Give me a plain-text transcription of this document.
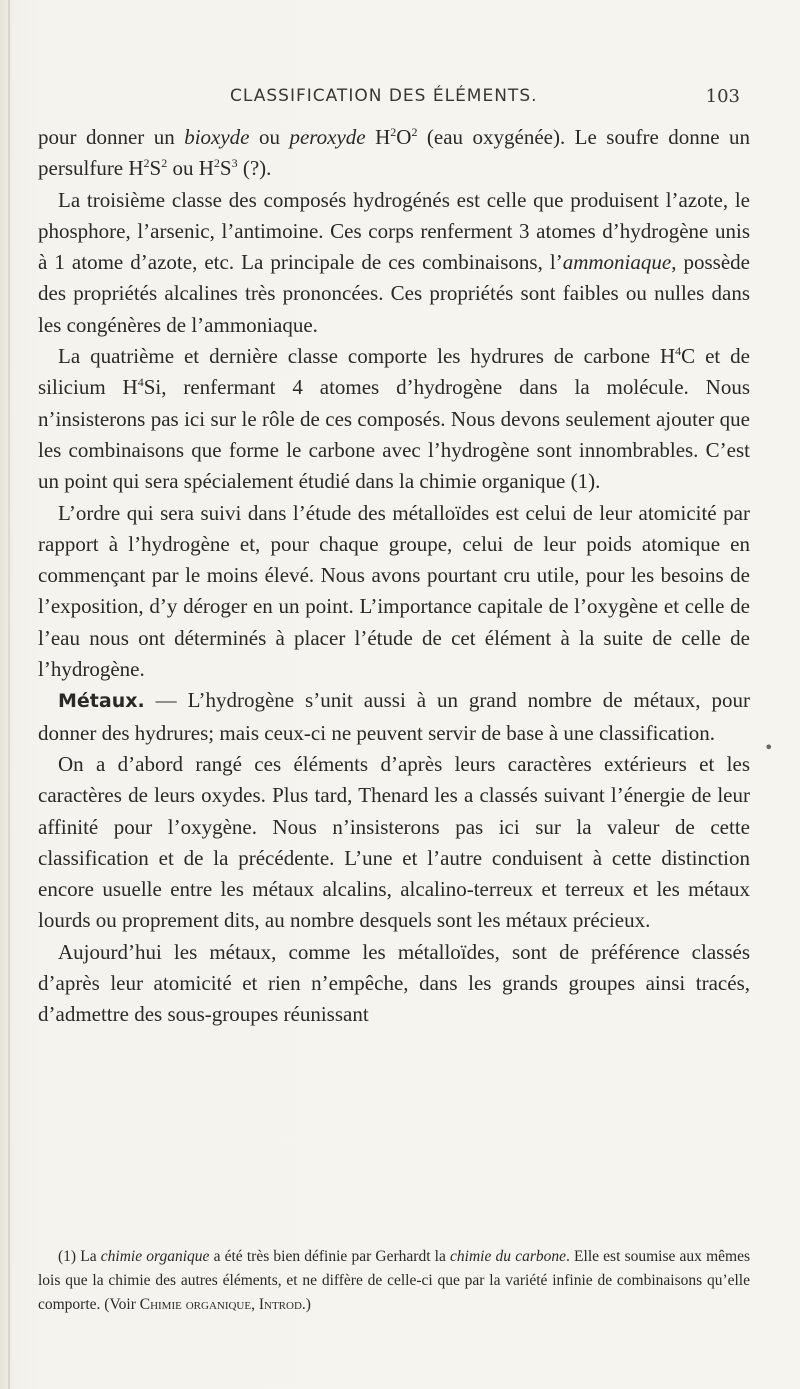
CLASSIFICATION DES ÉLÉMENTS.	103

pour donner un bioxyde ou peroxyde $H^2O^2$ (eau oxygénée). Le soufre donne un persulfure $H^2S^2$ ou $H^2S^3$ (?).

La troisième classe des composés hydrogénés est celle que produisent l’azote, le phosphore, l’arsenic, l’antimoine. Ces corps renferment 3 atomes d’hydrogène unis à 1 atome d’azote, etc. La principale de ces combinaisons, l’ammoniaque, possède des propriétés alcalines très prononcées. Ces propriétés sont faibles ou nulles dans les congénères de l’ammoniaque.

La quatrième et dernière classe comporte les hydrures de carbone $H^4C$ et de silicium $H^4Si$, renfermant 4 atomes d’hydrogène dans la molécule. Nous n’insisterons pas ici sur le rôle de ces composés. Nous devons seulement ajouter que les combinaisons que forme le carbone avec l’hydrogène sont innombrables. C’est un point qui sera spécialement étudié dans la chimie organique (1).

L’ordre qui sera suivi dans l’étude des métalloïdes est celui de leur atomicité par rapport à l’hydrogène et, pour chaque groupe, celui de leur poids atomique en commençant par le moins élevé. Nous avons pourtant cru utile, pour les besoins de l’exposition, d’y déroger en un point. L’importance capitale de l’oxygène et celle de l’eau nous ont déterminés à placer l’étude de cet élément à la suite de celle de l’hydrogène.

Métaux. — L’hydrogène s’unit aussi à un grand nombre de métaux, pour donner des hydrures; mais ceux-ci ne peuvent servir de base à une classification.

On a d’abord rangé ces éléments d’après leurs caractères extérieurs et les caractères de leurs oxydes. Plus tard, Thenard les a classés suivant l’énergie de leur affinité pour l’oxygène. Nous n’insisterons pas ici sur la valeur de cette classification et de la précédente. L’une et l’autre conduisent à cette distinction encore usuelle entre les métaux alcalins, alcalino-terreux et terreux et les métaux lourds ou proprement dits, au nombre desquels sont les métaux précieux.

Aujourd’hui les métaux, comme les métalloïdes, sont de préférence classés d’après leur atomicité et rien n’empêche, dans les grands groupes ainsi tracés, d’admettre des sous-groupes réunissant

(1) La chimie organique a été très bien définie par Gerhardt la chimie du carbone. Elle est soumise aux mêmes lois que la chimie des autres éléments, et ne diffère de celle-ci que par la variété infinie de combinaisons qu’elle comporte. (Voir Chimie organique, Introd.)
•
